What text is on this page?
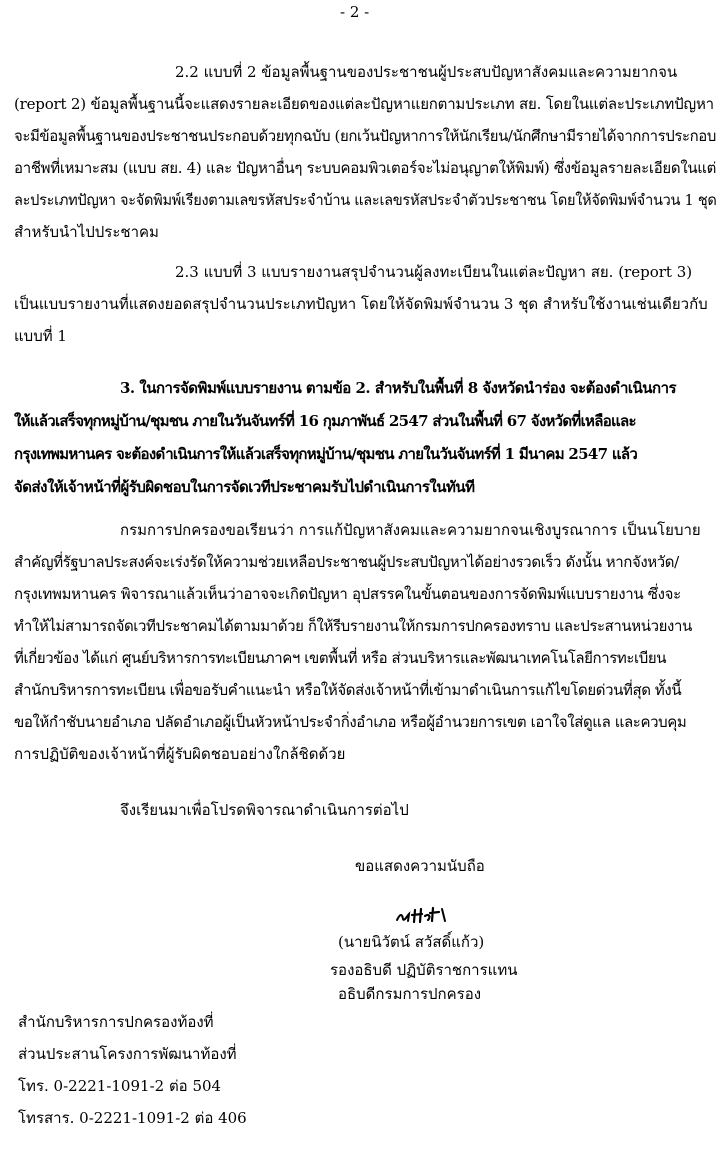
- 2 -
2.2 แบบที่ 2 ข้อมูลพื้นฐานของประชาชนผู้ประสบปัญหาสังคมและความยากจน
(report 2) ข้อมูลพื้นฐานนี้จะแสดงรายละเอียดของแต่ละปัญหาแยกตามประเภท สย. โดยในแต่ละประเภทปัญหา
จะมีข้อมูลพื้นฐานของประชาชนประกอบด้วยทุกฉบับ (ยกเว้นปัญหาการให้นักเรียน/นักศึกษามีรายได้จากการประกอบ
อาชีพที่เหมาะสม (แบบ สย. 4) และ ปัญหาอื่นๆ ระบบคอมพิวเตอร์จะไม่อนุญาตให้พิมพ์) ซึ่งข้อมูลรายละเอียดในแต่
ละประเภทปัญหา จะจัดพิมพ์เรียงตามเลขรหัสประจำบ้าน และเลขรหัสประจำตัวประชาชน โดยให้จัดพิมพ์จำนวน 1 ชุด
สำหรับนำไปประชาคม
2.3 แบบที่ 3 แบบรายงานสรุปจำนวนผู้ลงทะเบียนในแต่ละปัญหา สย. (report 3)
เป็นแบบรายงานที่แสดงยอดสรุปจำนวนประเภทปัญหา โดยให้จัดพิมพ์จำนวน 3 ชุด สำหรับใช้งานเช่นเดียวกับ
แบบที่ 1
3. ในการจัดพิมพ์แบบรายงาน ตามข้อ 2. สำหรับในพื้นที่ 8 จังหวัดนำร่อง จะต้องดำเนินการ
ให้แล้วเสร็จทุกหมู่บ้าน/ชุมชน ภายในวันจันทร์ที่ 16 กุมภาพันธ์ 2547 ส่วนในพื้นที่ 67 จังหวัดที่เหลือและ
กรุงเทพมหานคร จะต้องดำเนินการให้แล้วเสร็จทุกหมู่บ้าน/ชุมชน ภายในวันจันทร์ที่ 1 มีนาคม 2547 แล้ว
จัดส่งให้เจ้าหน้าที่ผู้รับผิดชอบในการจัดเวทีประชาคมรับไปดำเนินการในทันที
กรมการปกครองขอเรียนว่า การแก้ปัญหาสังคมและความยากจนเชิงบูรณาการ เป็นนโยบาย
สำคัญที่รัฐบาลประสงค์จะเร่งรัดให้ความช่วยเหลือประชาชนผู้ประสบปัญหาได้อย่างรวดเร็ว ดังนั้น หากจังหวัด/
กรุงเทพมหานคร พิจารณาแล้วเห็นว่าอาจจะเกิดปัญหา อุปสรรคในขั้นตอนของการจัดพิมพ์แบบรายงาน ซึ่งจะ
ทำให้ไม่สามารถจัดเวทีประชาคมได้ตามมาด้วย ก็ให้รีบรายงานให้กรมการปกครองทราบ และประสานหน่วยงาน
ที่เกี่ยวข้อง ได้แก่ ศูนย์บริหารการทะเบียนภาคฯ เขตพื้นที่ หรือ ส่วนบริหารและพัฒนาเทคโนโลยีการทะเบียน
สำนักบริหารการทะเบียน เพื่อขอรับคำแนะนำ หรือให้จัดส่งเจ้าหน้าที่เข้ามาดำเนินการแก้ไขโดยด่วนที่สุด ทั้งนี้
ขอให้กำชับนายอำเภอ ปลัดอำเภอผู้เป็นหัวหน้าประจำกิ่งอำเภอ หรือผู้อำนวยการเขต เอาใจใส่ดูแล และควบคุม
การปฏิบัติของเจ้าหน้าที่ผู้รับผิดชอบอย่างใกล้ชิดด้วย
จึงเรียนมาเพื่อโปรดพิจารณาดำเนินการต่อไป
ขอแสดงความนับถือ
(นายนิวัตน์ สวัสดิ์แก้ว)
รองอธิบดี ปฏิบัติราชการแทน
อธิบดีกรมการปกครอง
สำนักบริหารการปกครองท้องที่
ส่วนประสานโครงการพัฒนาท้องที่
โทร. 0-2221-1091-2 ต่อ 504
โทรสาร. 0-2221-1091-2 ต่อ 406
